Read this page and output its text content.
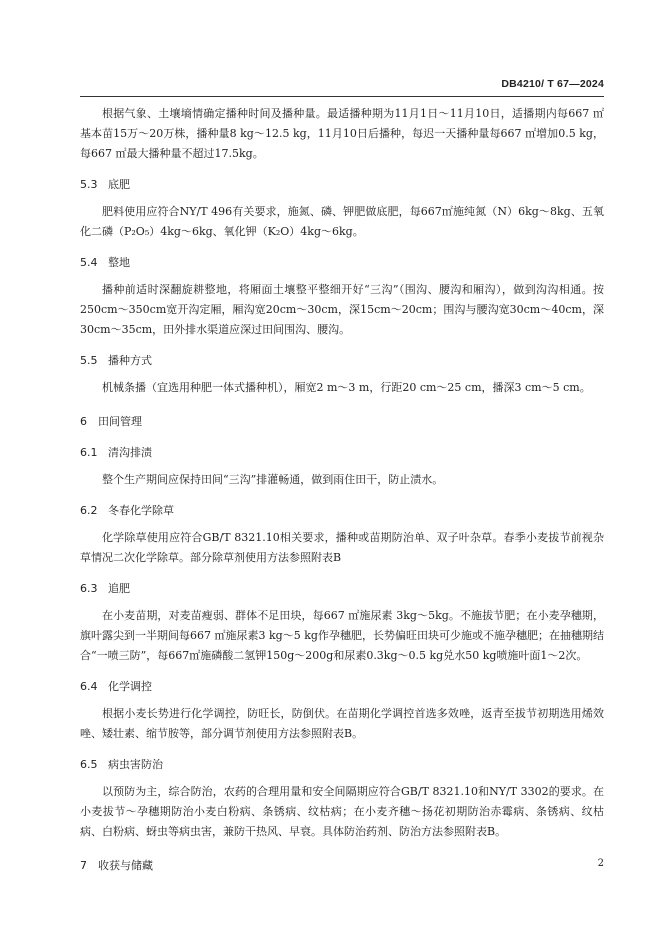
DB4210/ T 67—2024

根据气象、土壤墒情确定播种时间及播种量。最适播种期为11月1日～11月10日，适播期内每667 ㎡基本苗15万～20万株，播种量8 kg～12.5 kg，11月10日后播种，每迟一天播种量每667 ㎡增加0.5 kg，每667 ㎡最大播种量不超过17.5kg。

5.3 底肥

肥料使用应符合NY/T 496有关要求，施氮、磷、钾肥做底肥，每667㎡施纯氮（N）6kg～8kg、五氧化二磷（P₂O₅）4kg～6kg、氧化钾（K₂O）4kg～6kg。

5.4 整地

播种前适时深翻旋耕整地，将厢面土壤整平整细开好“三沟”（围沟、腰沟和厢沟），做到沟沟相通。按250cm～350cm宽开沟定厢，厢沟宽20cm～30cm，深15cm～20cm；围沟与腰沟宽30cm～40cm，深30cm～35cm，田外排水渠道应深过田间围沟、腰沟。

5.5 播种方式

机械条播（宜选用种肥一体式播种机），厢宽2 m～3 m，行距20 cm～25 cm，播深3 cm～5 cm。

6 田间管理
6.1 清沟排渍

整个生产期间应保持田间“三沟”排灌畅通，做到雨住田干，防止渍水。

6.2 冬春化学除草

化学除草使用应符合GB/T 8321.10相关要求，播种或苗期防治单、双子叶杂草。春季小麦拔节前视杂草情况二次化学除草。部分除草剂使用方法参照附表B

6.3 追肥

在小麦苗期，对麦苗瘦弱、群体不足田块，每667 ㎡施尿素 3kg～5kg。不施拔节肥；在小麦孕穗期，旗叶露尖到一半期间每667 ㎡施尿素3 kg～5 kg作孕穗肥，长势偏旺田块可少施或不施孕穗肥；在抽穗期结合“一喷三防”，每667㎡施磷酸二氢钾150g～200g和尿素0.3kg～0.5 kg兑水50 kg喷施叶面1～2次。

6.4 化学调控

根据小麦长势进行化学调控，防旺长，防倒伏。在苗期化学调控首选多效唑，返青至拔节初期选用烯效唑、矮壮素、缩节胺等，部分调节剂使用方法参照附表B。

6.5 病虫害防治

以预防为主，综合防治，农药的合理用量和安全间隔期应符合GB/T 8321.10和NY/T 3302的要求。在小麦拔节～孕穗期防治小麦白粉病、条锈病、纹枯病；在小麦齐穗～扬花初期防治赤霉病、条锈病、纹枯病、白粉病、蚜虫等病虫害，兼防干热风、早衰。具体防治药剂、防治方法参照附表B。

7 收获与储藏	2
